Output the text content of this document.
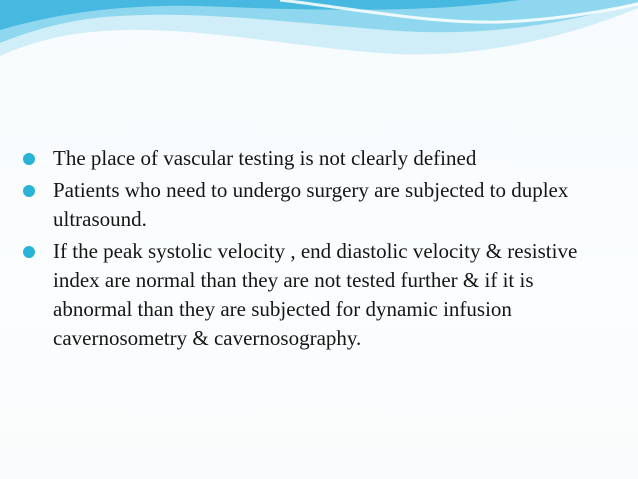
The place of vascular testing is not clearly defined
Patients who need to undergo surgery are subjected to duplex ultrasound.
If the peak systolic velocity , end diastolic velocity & resistive index are normal than they are not tested further & if it is abnormal than they are subjected for dynamic infusion cavernosometry & cavernosography.
